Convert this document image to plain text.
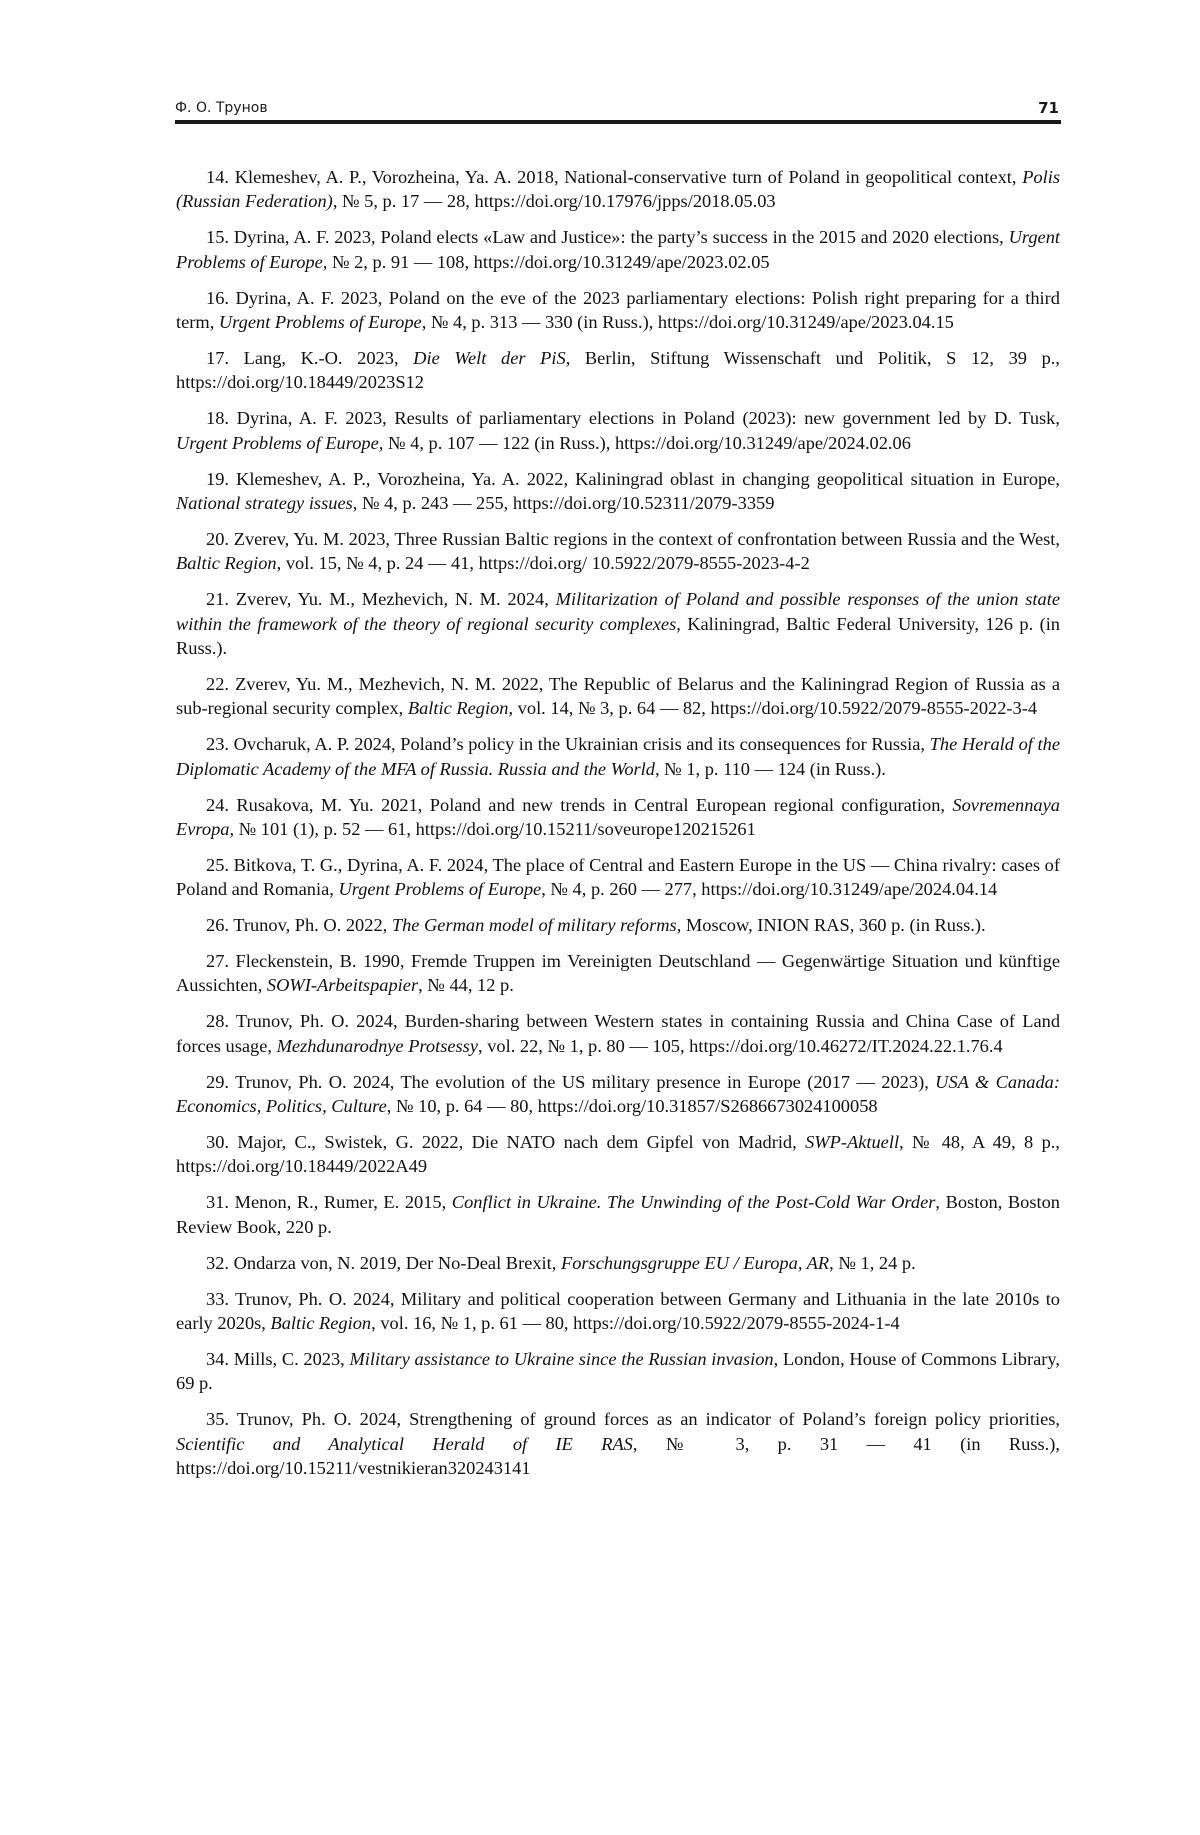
Ф. О. Трунов	71

14. Klemeshev, A. P., Vorozheina, Ya. A. 2018, National-conservative turn of Poland in geopolitical context, Polis (Russian Federation), № 5, p. 17 — 28, https://doi.org/10.17976/jpps/2018.05.03

15. Dyrina, A. F. 2023, Poland elects «Law and Justice»: the party’s success in the 2015 and 2020 elections, Urgent Problems of Europe, № 2, p. 91 — 108, https://doi.org/10.31249/ape/2023.02.05

16. Dyrina, A. F. 2023, Poland on the eve of the 2023 parliamentary elections: Polish right preparing for a third term, Urgent Problems of Europe, № 4, p. 313 — 330 (in Russ.), https://doi.org/10.31249/ape/2023.04.15

17. Lang, K.-O. 2023, Die Welt der PiS, Berlin, Stiftung Wissenschaft und Politik, S 12, 39 p., https://doi.org/10.18449/2023S12

18. Dyrina, A. F. 2023, Results of parliamentary elections in Poland (2023): new government led by D. Tusk, Urgent Problems of Europe, № 4, p. 107 — 122 (in Russ.), https://doi.org/10.31249/ape/2024.02.06

19. Klemeshev, A. P., Vorozheina, Ya. A. 2022, Kaliningrad oblast in changing geopolitical situation in Europe, National strategy issues, № 4, p. 243 — 255, https://doi.org/10.52311/2079-3359

20. Zverev, Yu. M. 2023, Three Russian Baltic regions in the context of confrontation between Russia and the West, Baltic Region, vol. 15, № 4, p. 24 — 41, https://doi.org/ 10.5922/2079-8555-2023-4-2

21. Zverev, Yu. M., Mezhevich, N. M. 2024, Militarization of Poland and possible responses of the union state within the framework of the theory of regional security complexes, Kaliningrad, Baltic Federal University, 126 p. (in Russ.).

22. Zverev, Yu. M., Mezhevich, N. M. 2022, The Republic of Belarus and the Kaliningrad Region of Russia as a sub-regional security complex, Baltic Region, vol. 14, № 3, p. 64 — 82, https://doi.org/10.5922/2079-8555-2022-3-4

23. Ovcharuk, A. P. 2024, Poland’s policy in the Ukrainian crisis and its consequences for Russia, The Herald of the Diplomatic Academy of the MFA of Russia. Russia and the World, № 1, p. 110 — 124 (in Russ.).

24. Rusakova, M. Yu. 2021, Poland and new trends in Central European regional configuration, Sovremennaya Evropa, № 101 (1), p. 52 — 61, https://doi.org/10.15211/soveurope120215261

25. Bitkova, T. G., Dyrina, A. F. 2024, The place of Central and Eastern Europe in the US — China rivalry: cases of Poland and Romania, Urgent Problems of Europe, № 4, p. 260 — 277, https://doi.org/10.31249/ape/2024.04.14

26. Trunov, Ph. O. 2022, The German model of military reforms, Moscow, INION RAS, 360 p. (in Russ.).

27. Fleckenstein, B. 1990, Fremde Truppen im Vereinigten Deutschland — Gegenwärtige Situation und künftige Aussichten, SOWI-Arbeitspapier, № 44, 12 p.

28. Trunov, Ph. O. 2024, Burden-sharing between Western states in containing Russia and China Case of Land forces usage, Mezhdunarodnye Protsessy, vol. 22, № 1, p. 80 — 105, https://doi.org/10.46272/IT.2024.22.1.76.4

29. Trunov, Ph. O. 2024, The evolution of the US military presence in Europe (2017 — 2023), USA & Canada: Economics, Politics, Culture, № 10, p. 64 — 80, https://doi.org/10.31857/S2686673024100058

30. Major, C., Swistek, G. 2022, Die NATO nach dem Gipfel von Madrid, SWP-Aktuell, № 48, A 49, 8 p., https://doi.org/10.18449/2022A49

31. Menon, R., Rumer, E. 2015, Conflict in Ukraine. The Unwinding of the Post-Cold War Order, Boston, Boston Review Book, 220 p.

32. Ondarza von, N. 2019, Der No-Deal Brexit, Forschungsgruppe EU / Europa, AR, № 1, 24 p.

33. Trunov, Ph. O. 2024, Military and political cooperation between Germany and Lithuania in the late 2010s to early 2020s, Baltic Region, vol. 16, № 1, p. 61 — 80, https://doi.org/10.5922/2079-8555-2024-1-4

34. Mills, C. 2023, Military assistance to Ukraine since the Russian invasion, London, House of Commons Library, 69 p.

35. Trunov, Ph. O. 2024, Strengthening of ground forces as an indicator of Poland’s foreign policy priorities, Scientific and Analytical Herald of IE RAS, № 3, p. 31 — 41 (in Russ.), https://doi.org/10.15211/vestnikieran320243141
